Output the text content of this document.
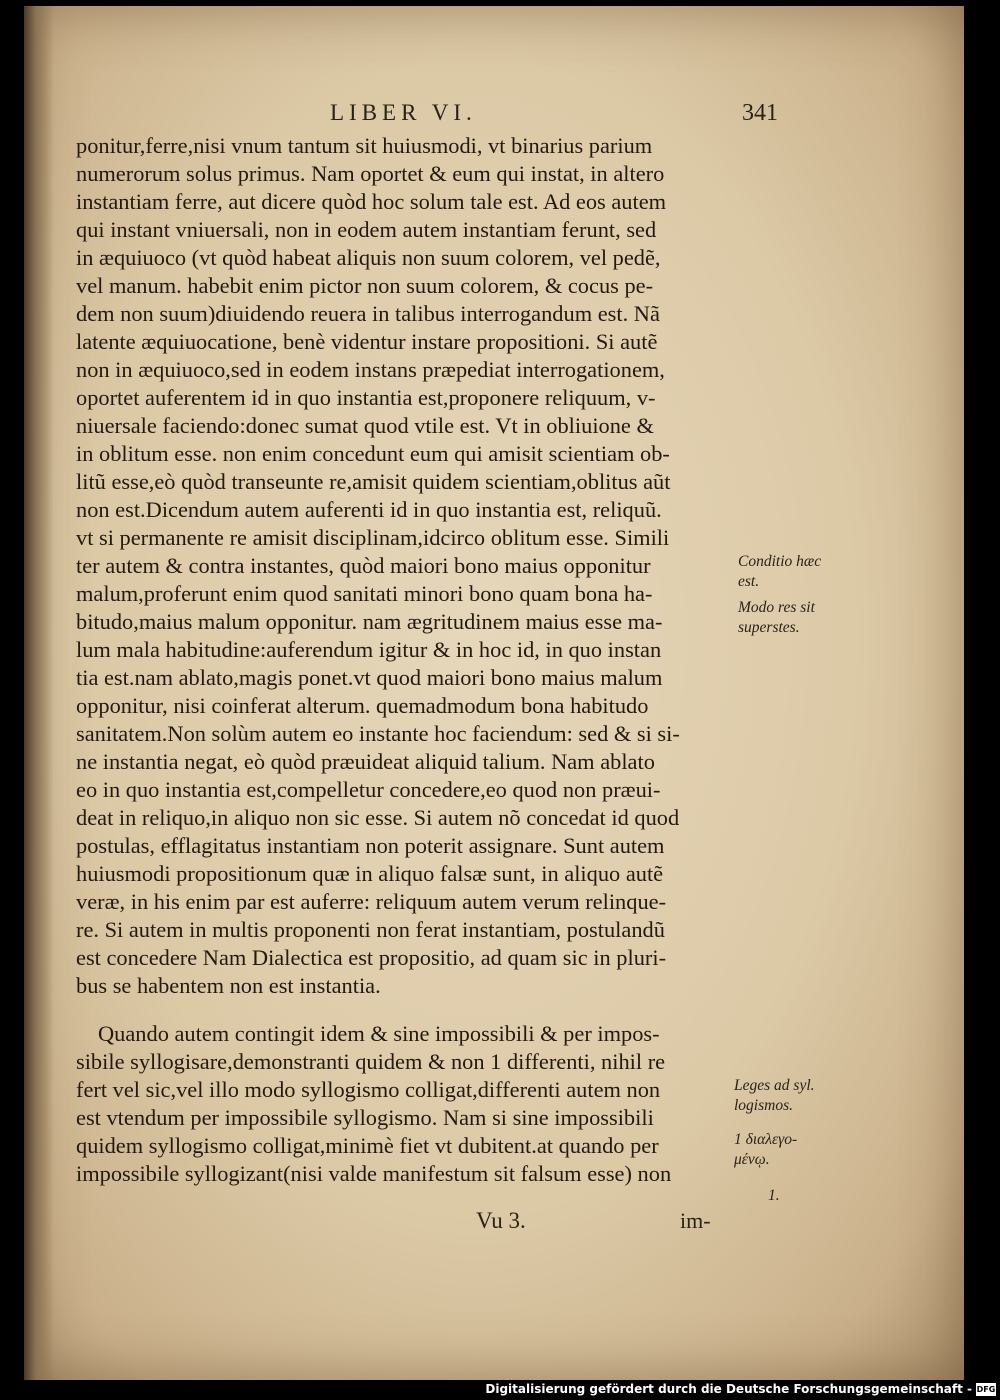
LIBER VI.	341
ponitur,ferre,nisi vnum tantum sit huiusmodi, vt binarius parium
numerorum solus primus. Nam oportet & eum qui instat, in altero
instantiam ferre, aut dicere quòd hoc solum tale est. Ad eos autem
qui instant vniuersali, non in eodem autem instantiam ferunt, sed
in æquiuoco (vt quòd habeat aliquis non suum colorem, vel pedẽ,
vel manum. habebit enim pictor non suum colorem, & cocus pe-
dem non suum)diuidendo reuera in talibus interrogandum est. Nã
latente æquiuocatione, benè videntur instare propositioni. Si autẽ
non in æquiuoco,sed in eodem instans præpediat interrogationem,
oportet auferentem id in quo instantia est,proponere reliquum, v-
niuersale faciendo:donec sumat quod vtile est. Vt in obliuione &
in oblitum esse. non enim concedunt eum qui amisit scientiam ob-
litũ esse,eò quòd transeunte re,amisit quidem scientiam,oblitus aũt
non est.Dicendum autem auferenti id in quo instantia est, reliquũ.
vt si permanente re amisit disciplinam,idcirco oblitum esse. Simili
ter autem & contra instantes, quòd maiori bono maius opponitur
malum,proferunt enim quod sanitati minori bono quam bona ha-
bitudo,maius malum opponitur. nam ægritudinem maius esse ma-
lum mala habitudine:auferendum igitur & in hoc id, in quo instan
tia est.nam ablato,magis ponet.vt quod maiori bono maius malum
opponitur, nisi coinferat alterum. quemadmodum bona habitudo
sanitatem.Non solùm autem eo instante hoc faciendum: sed & si si-
ne instantia negat, eò quòd præuideat aliquid talium. Nam ablato
eo in quo instantia est,compelletur concedere,eo quod non præui-
deat in reliquo,in aliquo non sic esse. Si autem nõ concedat id quod
postulas, efflagitatus instantiam non poterit assignare. Sunt autem
huiusmodi propositionum quæ in aliquo falsæ sunt, in aliquo autẽ
veræ, in his enim par est auferre: reliquum autem verum relinque-
re. Si autem in multis proponenti non ferat instantiam, postulandũ
est concedere Nam Dialectica est propositio, ad quam sic in pluri-
bus se habentem non est instantia.
Quando autem contingit idem & sine impossibili & per impos-
sibile syllogisare,demonstranti quidem & non 1 differenti, nihil re
fert vel sic,vel illo modo syllogismo colligat,differenti autem non
est vtendum per impossibile syllogismo. Nam si sine impossibili
quidem syllogismo colligat,minimè fiet vt dubitent.at quando per
impossibile syllogizant(nisi valde manifestum sit falsum esse) non
Conditio hæc
est.
Modo res sit
superstes.
Leges ad syl.
logismos.
1 διαλεγο-
μένῳ.
1.
Vu 3.	im-
Digitalisierung gefördert durch die Deutsche Forschungsgemeinschaft - DFG
